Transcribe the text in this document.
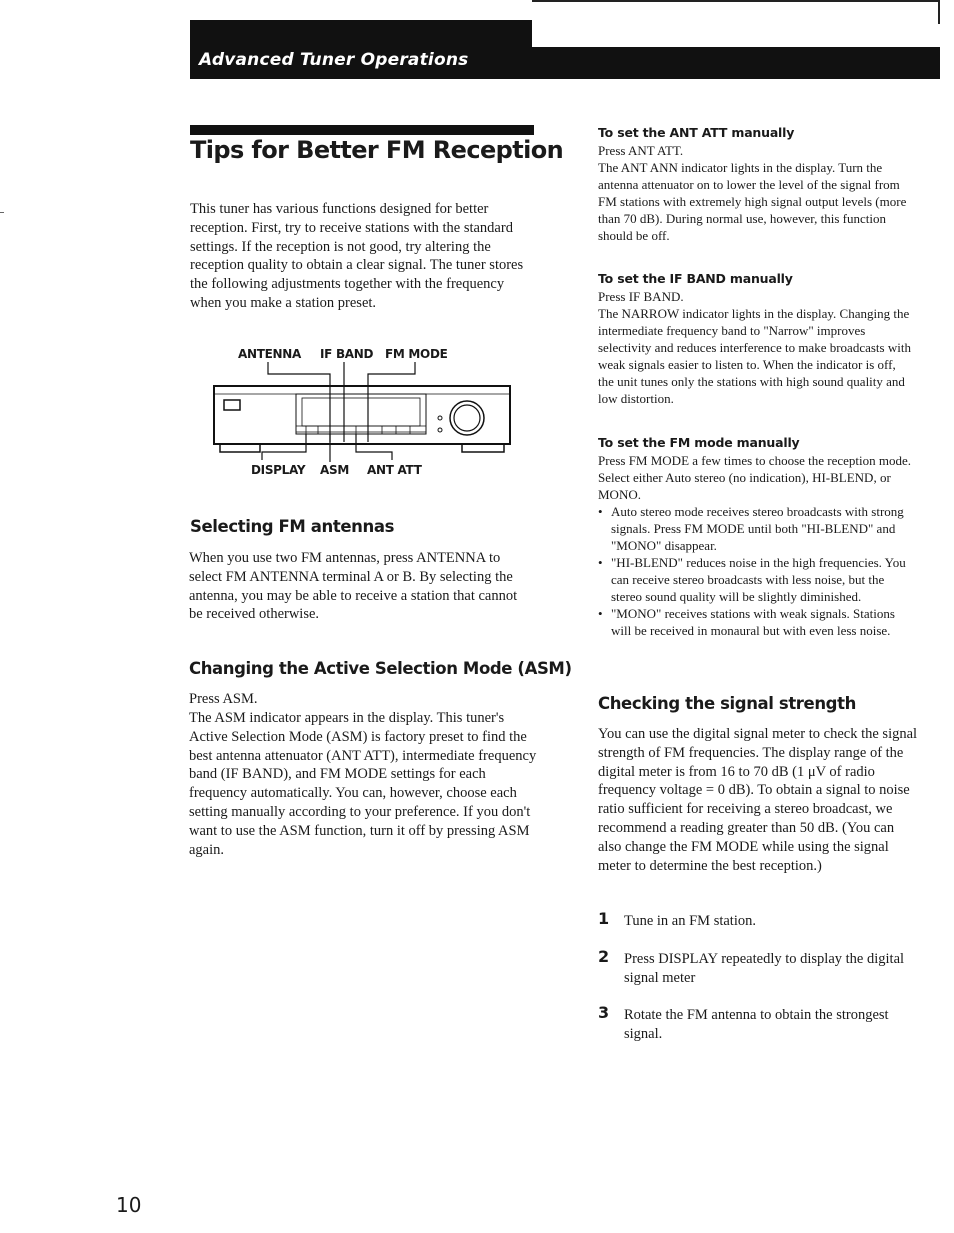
Advanced Tuner Operations
Tips for Better FM Reception

This tuner has various functions designed for better reception. First, try to receive stations with the standard settings. If the reception is not good, try altering the reception quality to obtain a clear signal. The tuner stores the following adjustments together with the frequency when you make a station preset.

ANTENNA IF BAND FM MODE
DISPLAY ASM ANT ATT
Selecting FM antennas

When you use two FM antennas, press ANTENNA to select FM ANTENNA terminal A or B. By selecting the antenna, you may be able to receive a station that cannot be received otherwise.

Changing the Active Selection Mode (ASM)

Press ASM.

The ASM indicator appears in the display. This tuner's Active Selection Mode (ASM) is factory preset to find the best antenna attenuator (ANT ATT), intermediate frequency band (IF BAND), and FM MODE settings for each frequency automatically. You can, however, choose each setting manually according to your preference. If you don't want to use the ASM function, turn it off by pressing ASM again.

To set the ANT ATT manually
Press ANT ATT.
The ANT ANN indicator lights in the display. Turn the antenna attenuator on to lower the level of the signal from FM stations with extremely high signal output levels (more than 70 dB). During normal use, however, this function should be off.
To set the IF BAND manually
Press IF BAND.
The NARROW indicator lights in the display. Changing the intermediate frequency band to "Narrow" improves selectivity and reduces interference to make broadcasts with weak signals easier to listen to. When the indicator is off, the unit tunes only the stations with high sound quality and low distortion.
To set the FM mode manually

Press FM MODE a few times to choose the reception mode. Select either Auto stereo (no indication), HI-BLEND, or MONO.

• Auto stereo mode receives stereo broadcasts with strong signals. Press FM MODE until both "HI-BLEND" and "MONO" disappear.
• "HI-BLEND" reduces noise in the high frequencies. You can receive stereo broadcasts with less noise, but the stereo sound quality will be slightly diminished.
• "MONO" receives stations with weak signals. Stations will be received in monaural but with even less noise.
Checking the signal strength

You can use the digital signal meter to check the signal strength of FM frequencies. The display range of the digital meter is from 16 to 70 dB (1 μV of radio frequency voltage = 0 dB). To obtain a signal to noise ratio sufficient for receiving a stereo broadcast, we recommend a reading greater than 50 dB. (You can also change the FM MODE while using the signal meter to determine the best reception.)

1 Tune in an FM station.
2 Press DISPLAY repeatedly to display the digital signal meter
3 Rotate the FM antenna to obtain the strongest signal.
10
